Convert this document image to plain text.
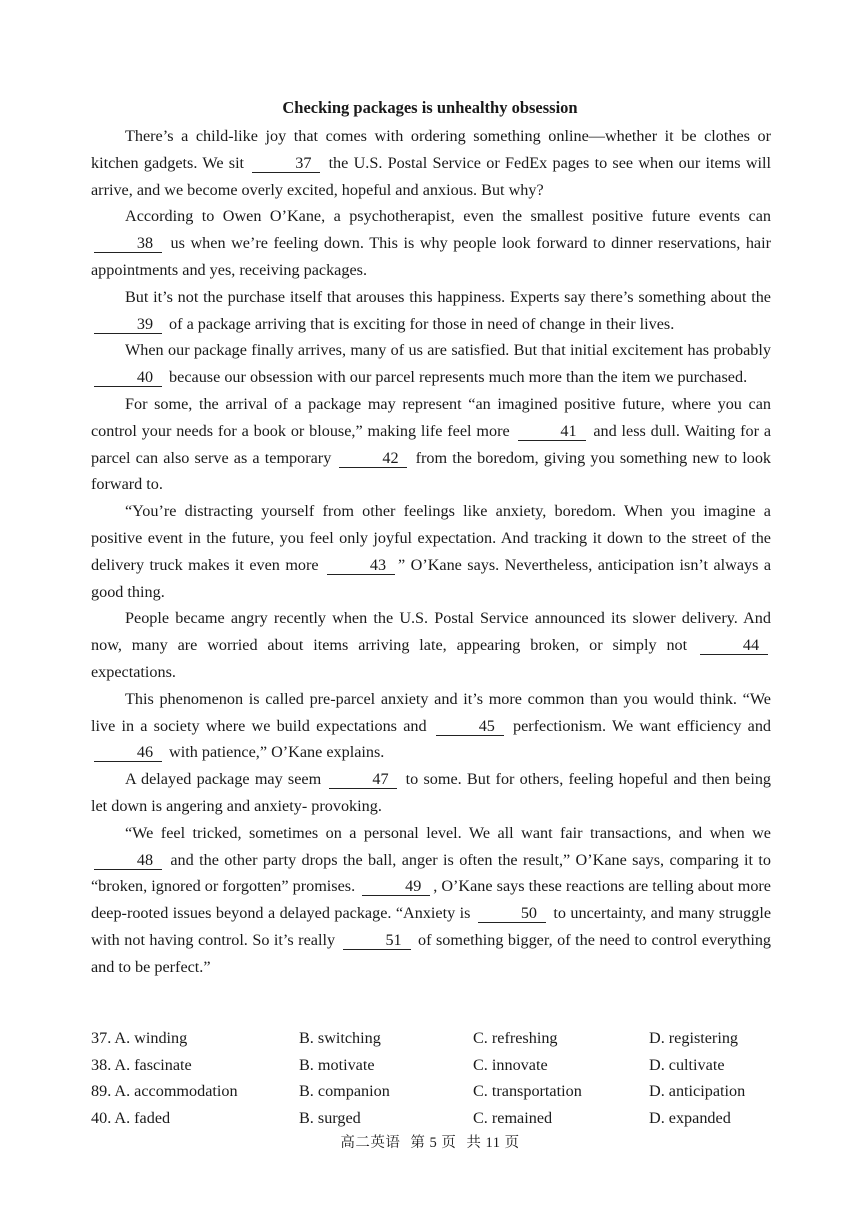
Checking packages is unhealthy obsession

There’s a child-like joy that comes with ordering something online—whether it be clothes or kitchen gadgets. We sit	37 the U.S. Postal Service or FedEx pages to see when our items will arrive, and we become overly excited, hopeful and anxious. But why?

According to Owen O’Kane, a psychotherapist, even the smallest positive future events can 38 us when we’re feeling down. This is why people look forward to dinner reservations, hair appointments and yes, receiving packages.

But it’s not the purchase itself that arouses this happiness. Experts say there’s something about the 39 of a package arriving that is exciting for those in need of change in their lives.

When our package finally arrives, many of us are satisfied. But that initial excitement has probably 40 because our obsession with our parcel represents much more than the item we purchased.

For some, the arrival of a package may represent “an imagined positive future, where you can control your needs for a book or blouse,” making life feel more	41 and less dull. Waiting for a parcel can also serve as a temporary	42 from the boredom, giving you something new to look forward to.

“You’re distracting yourself from other feelings like anxiety, boredom. When you imagine a positive event in the future, you feel only joyful expectation. And tracking it down to the street of the delivery truck makes it even more	43 ” O’Kane says. Nevertheless, anticipation isn’t always a good thing.

People became angry recently when the U.S. Postal Service announced its slower delivery. And now, many are worried about items arriving late, appearing broken, or simply not	44 expectations.

This phenomenon is called pre-parcel anxiety and it’s more common than you would think. “We live in a society where we build expectations and	45 perfectionism. We want efficiency and 46 with patience,” O’Kane explains.

A delayed package may seem	47 to some. But for others, feeling hopeful and then being let down is angering and anxiety- provoking.

“We feel tricked, sometimes on a personal level. We all want fair transactions, and when we 48 and the other party drops the ball, anger is often the result,” O’Kane says, comparing it to “broken, ignored or forgotten” promises.	49 , O’Kane says these reactions are telling about more deep-rooted issues beyond a delayed package. “Anxiety is	50 to uncertainty, and many struggle with not having control. So it’s really	51 of something bigger, of the need to control everything and to be perfect.”

37. A. winding	B. switching	C. refreshing	D. registering
38. A. fascinate	B. motivate	C. innovate	D. cultivate
89. A. accommodation	B. companion	C. transportation	D. anticipation
40. A. faded	B. surged	C. remained	D. expanded
高二英语 第 5 页 共 11 页
